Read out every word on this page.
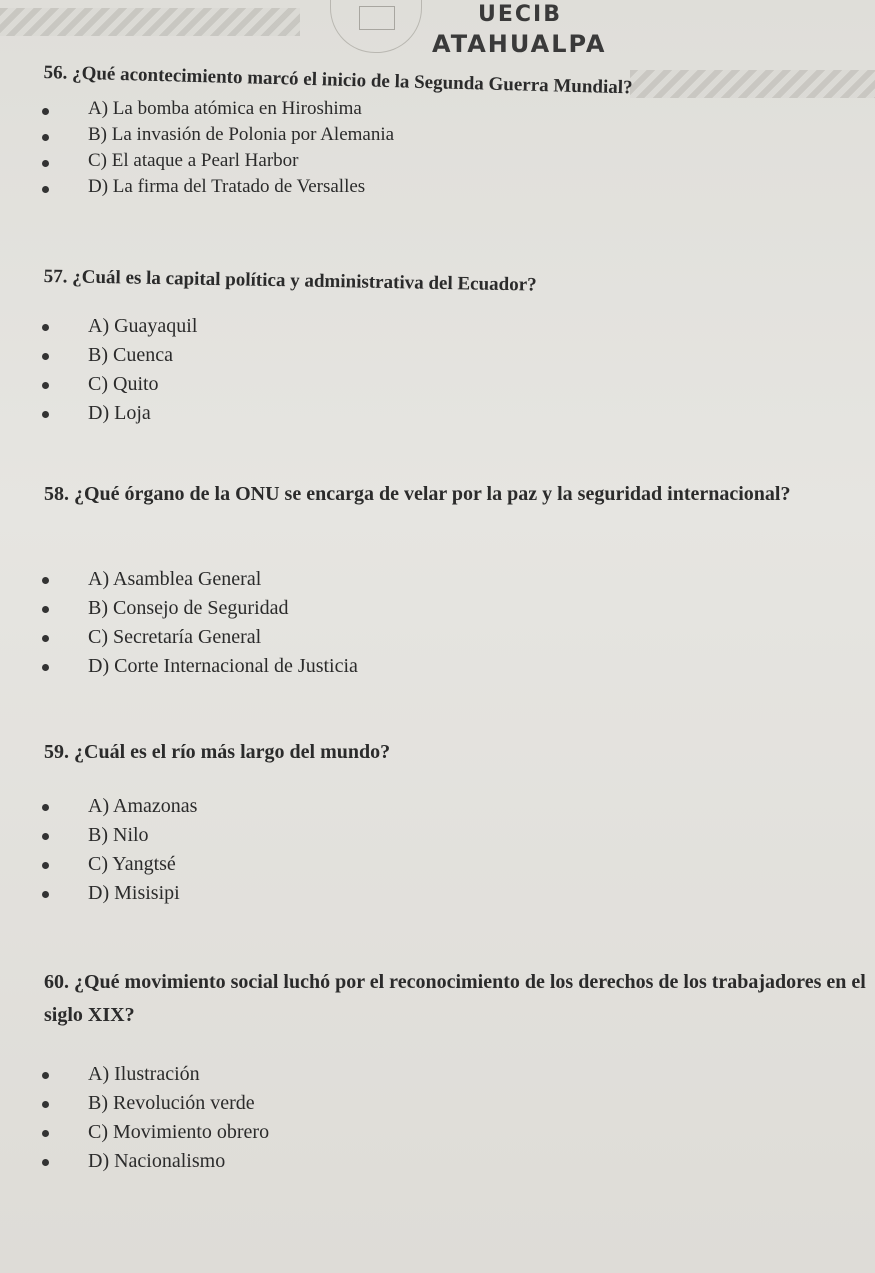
UECIB
ATAHUALPA

56. ¿Qué acontecimiento marcó el inicio de la Segunda Guerra Mundial?

A) La bomba atómica en Hiroshima
B) La invasión de Polonia por Alemania
C) El ataque a Pearl Harbor
D) La firma del Tratado de Versalles

57. ¿Cuál es la capital política y administrativa del Ecuador?

A) Guayaquil
B) Cuenca
C) Quito
D) Loja

58. ¿Qué órgano de la ONU se encarga de velar por la paz y la seguridad internacional?

A) Asamblea General
B) Consejo de Seguridad
C) Secretaría General
D) Corte Internacional de Justicia

59. ¿Cuál es el río más largo del mundo?

A) Amazonas
B) Nilo
C) Yangtsé
D) Misisipi

60. ¿Qué movimiento social luchó por el reconocimiento de los derechos de los trabajadores en el siglo XIX?

A) Ilustración
B) Revolución verde
C) Movimiento obrero
D) Nacionalismo
